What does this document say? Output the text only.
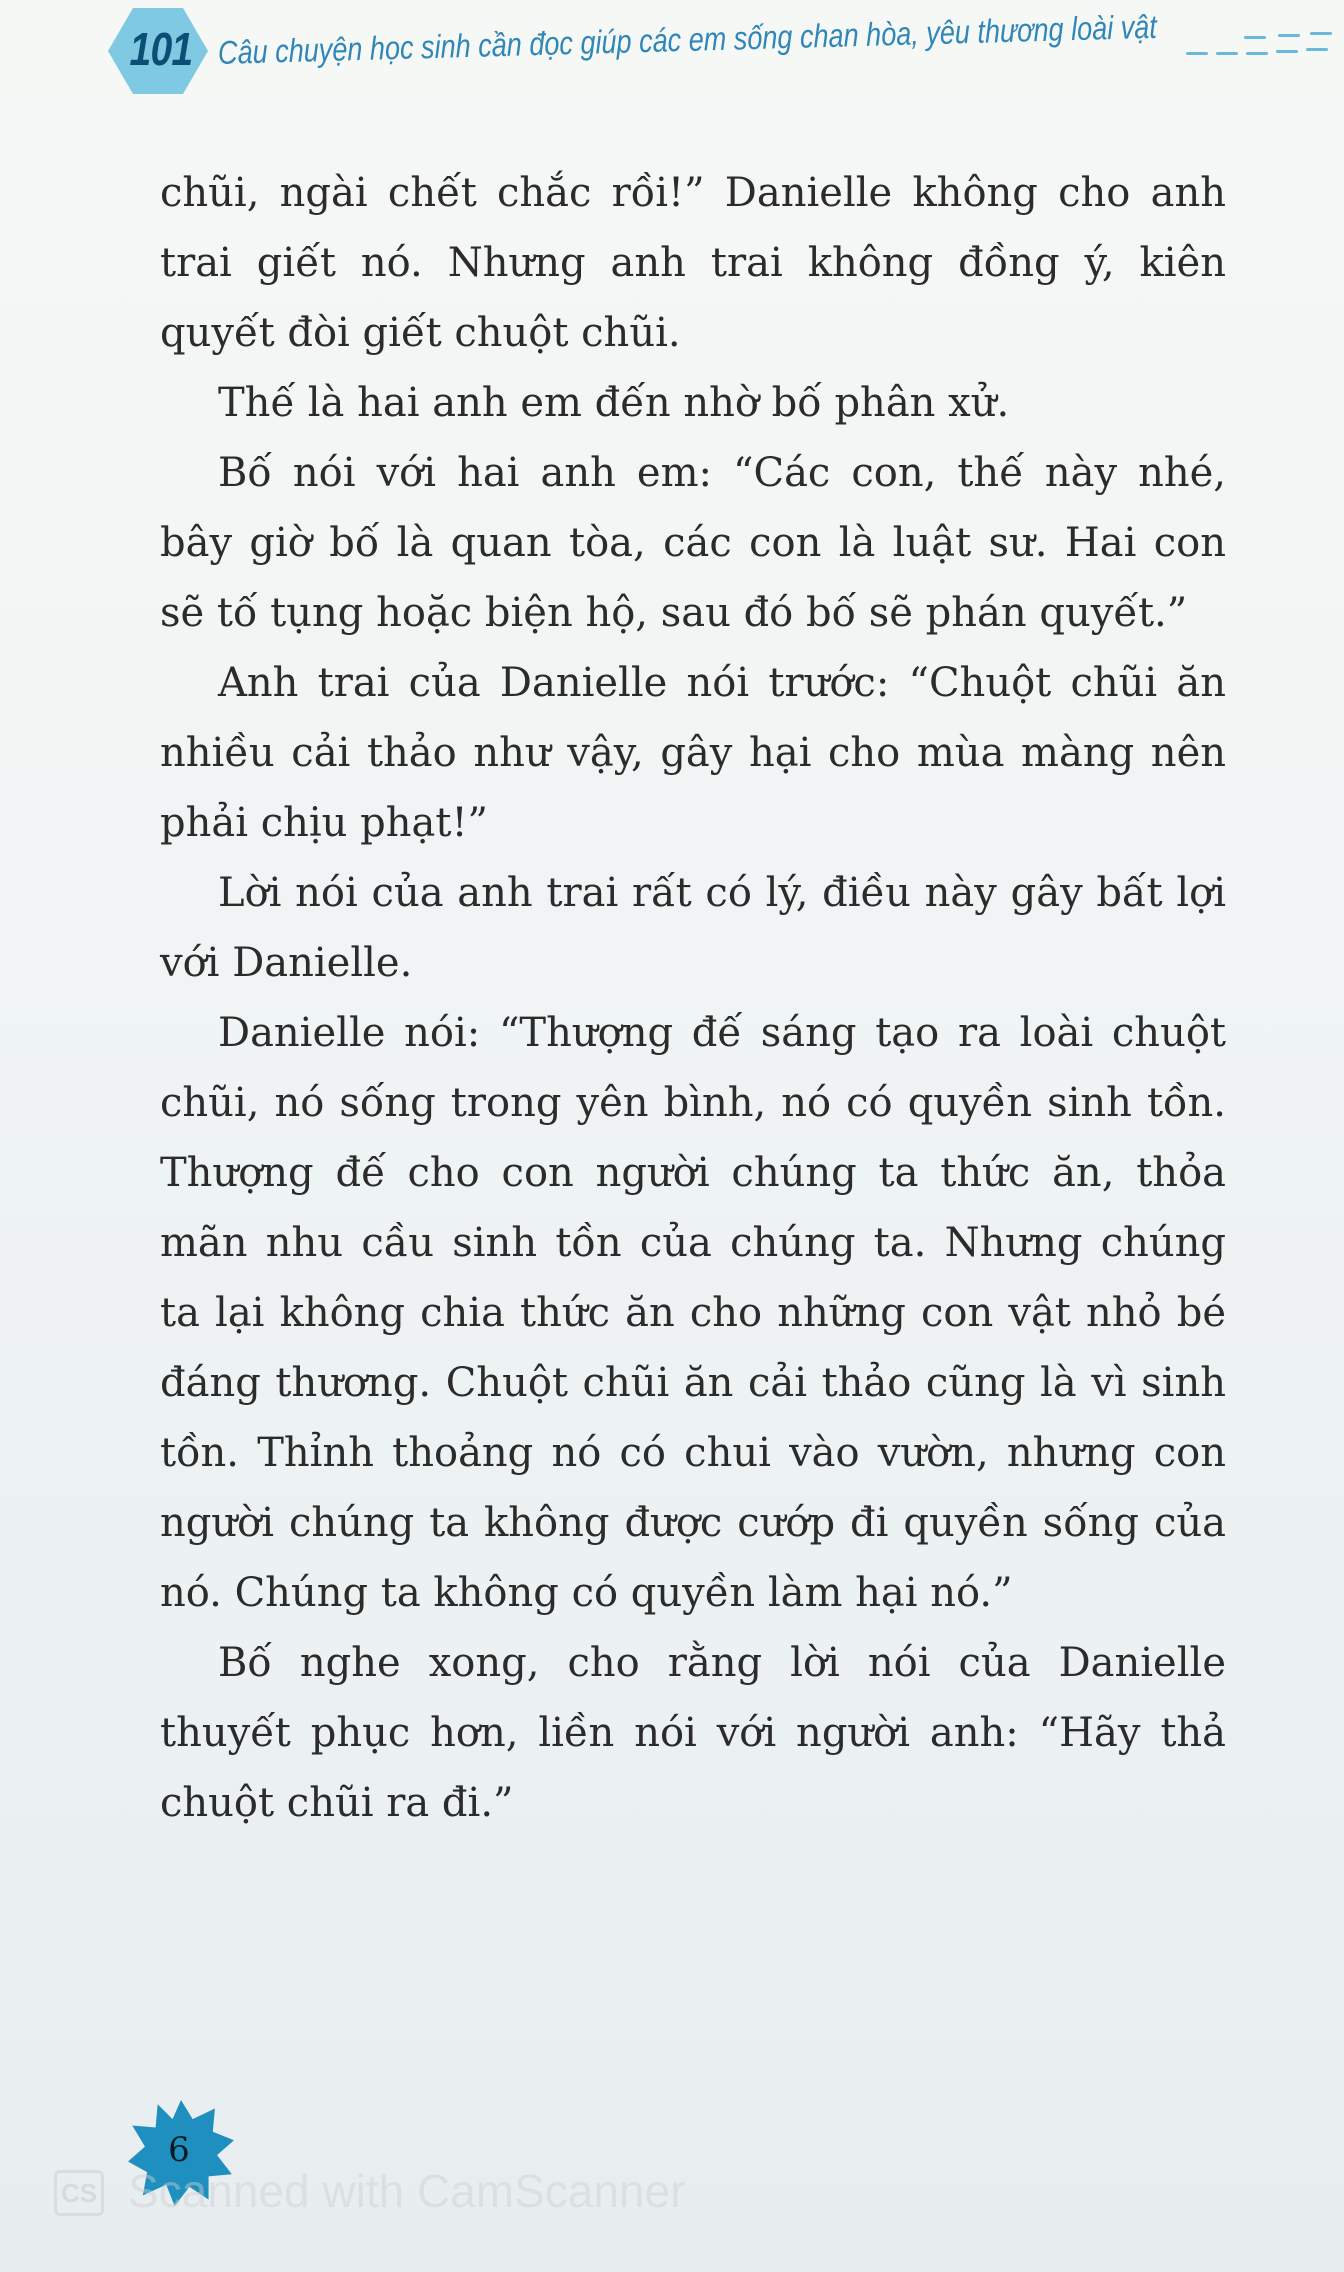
101 Câu chuyện học sinh cần đọc giúp các em sống chan hòa, yêu thương loài vật

chũi, ngài chết chắc rồi!” Danielle không cho anh trai giết nó. Nhưng anh trai không đồng ý, kiên quyết đòi giết chuột chũi.

Thế là hai anh em đến nhờ bố phân xử.

Bố nói với hai anh em: “Các con, thế này nhé, bây giờ bố là quan tòa, các con là luật sư. Hai con sẽ tố tụng hoặc biện hộ, sau đó bố sẽ phán quyết.”

Anh trai của Danielle nói trước: “Chuột chũi ăn nhiều cải thảo như vậy, gây hại cho mùa màng nên phải chịu phạt!”

Lời nói của anh trai rất có lý, điều này gây bất lợi với Danielle.

Danielle nói: “Thượng đế sáng tạo ra loài chuột chũi, nó sống trong yên bình, nó có quyền sinh tồn. Thượng đế cho con người chúng ta thức ăn, thỏa mãn nhu cầu sinh tồn của chúng ta. Nhưng chúng ta lại không chia thức ăn cho những con vật nhỏ bé đáng thương. Chuột chũi ăn cải thảo cũng là vì sinh tồn. Thỉnh thoảng nó có chui vào vườn, nhưng con người chúng ta không được cướp đi quyền sống của nó. Chúng ta không có quyền làm hại nó.”

Bố nghe xong, cho rằng lời nói của Danielle thuyết phục hơn, liền nói với người anh: “Hãy thả chuột chũi ra đi.”

6
CS Scanned with CamScanner
